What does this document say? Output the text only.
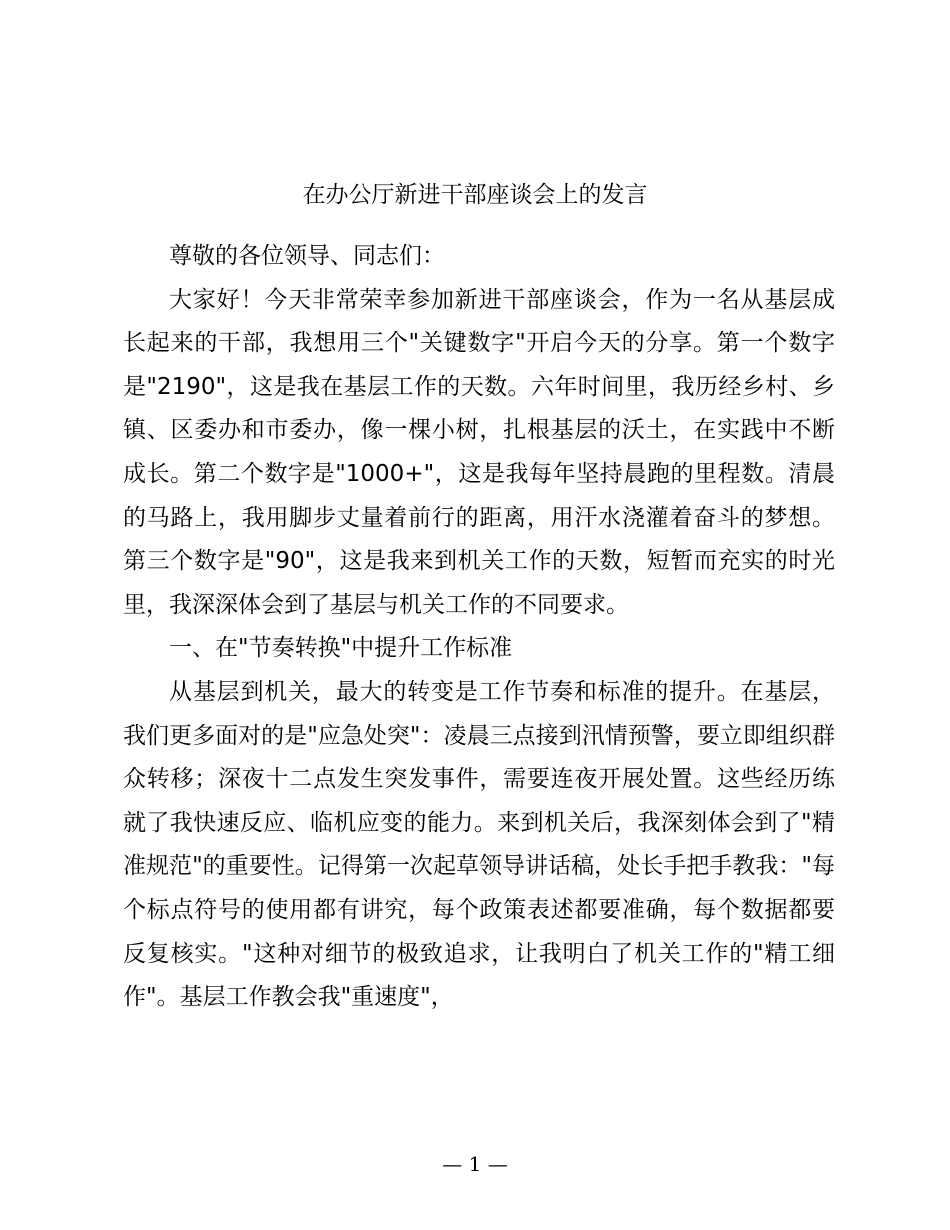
在办公厅新进干部座谈会上的发言

尊敬的各位领导、同志们：

大家好！今天非常荣幸参加新进干部座谈会，作为一名从基层成长起来的干部，我想用三个"关键数字"开启今天的分享。第一个数字是"2190"，这是我在基层工作的天数。六年时间里，我历经乡村、乡镇、区委办和市委办，像一棵小树，扎根基层的沃土，在实践中不断成长。第二个数字是"1000+"，这是我每年坚持晨跑的里程数。清晨的马路上，我用脚步丈量着前行的距离，用汗水浇灌着奋斗的梦想。第三个数字是"90"，这是我来到机关工作的天数，短暂而充实的时光里，我深深体会到了基层与机关工作的不同要求。

一、在"节奏转换"中提升工作标准

从基层到机关，最大的转变是工作节奏和标准的提升。在基层，我们更多面对的是"应急处突"：凌晨三点接到汛情预警，要立即组织群众转移；深夜十二点发生突发事件，需要连夜开展处置。这些经历练就了我快速反应、临机应变的能力。来到机关后，我深刻体会到了"精准规范"的重要性。记得第一次起草领导讲话稿，处长手把手教我："每个标点符号的使用都有讲究，每个政策表述都要准确，每个数据都要反复核实。"这种对细节的极致追求，让我明白了机关工作的"精工细作"。基层工作教会我"重速度"，

— 1 —
